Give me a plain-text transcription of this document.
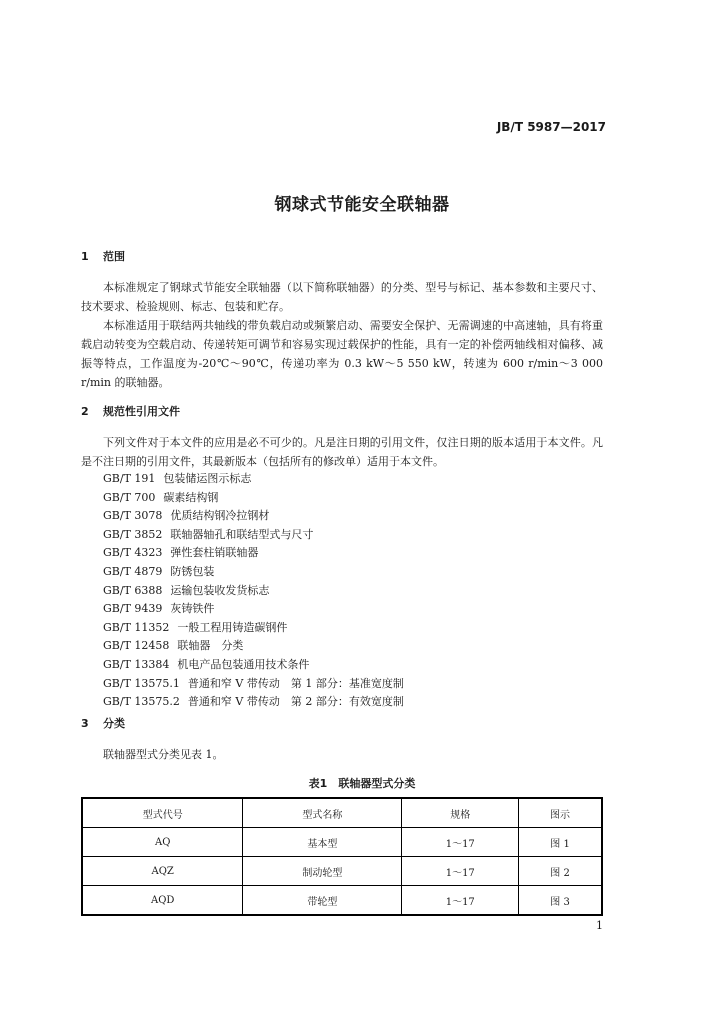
JB/T 5987—2017
钢球式节能安全联轴器
1 范围

本标准规定了钢球式节能安全联轴器（以下简称联轴器）的分类、型号与标记、基本参数和主要尺寸、技术要求、检验规则、标志、包装和贮存。

本标准适用于联结两共轴线的带负载启动或频繁启动、需要安全保护、无需调速的中高速轴，具有将重载启动转变为空载启动、传递转矩可调节和容易实现过载保护的性能，具有一定的补偿两轴线相对偏移、减振等特点，工作温度为-20℃～90℃，传递功率为 0.3 kW～5 550 kW，转速为 600 r/min～3 000 r/min 的联轴器。

2 规范性引用文件

下列文件对于本文件的应用是必不可少的。凡是注日期的引用文件，仅注日期的版本适用于本文件。凡是不注日期的引用文件，其最新版本（包括所有的修改单）适用于本文件。

GB/T 191 包装储运图示标志
GB/T 700 碳素结构钢
GB/T 3078 优质结构钢冷拉钢材
GB/T 3852 联轴器轴孔和联结型式与尺寸
GB/T 4323 弹性套柱销联轴器
GB/T 4879 防锈包装
GB/T 6388 运输包装收发货标志
GB/T 9439 灰铸铁件
GB/T 11352 一般工程用铸造碳钢件
GB/T 12458 联轴器　分类
GB/T 13384 机电产品包装通用技术条件
GB/T 13575.1 普通和窄 V 带传动　第 1 部分：基准宽度制
GB/T 13575.2 普通和窄 V 带传动　第 2 部分：有效宽度制
3 分类

联轴器型式分类见表 1。

表1　联轴器型式分类
型式代号	型式名称	规格	图示
AQ	基本型	1～17	图 1
AQZ	制动轮型	1～17	图 2
AQD	带轮型	1～17	图 3
1
